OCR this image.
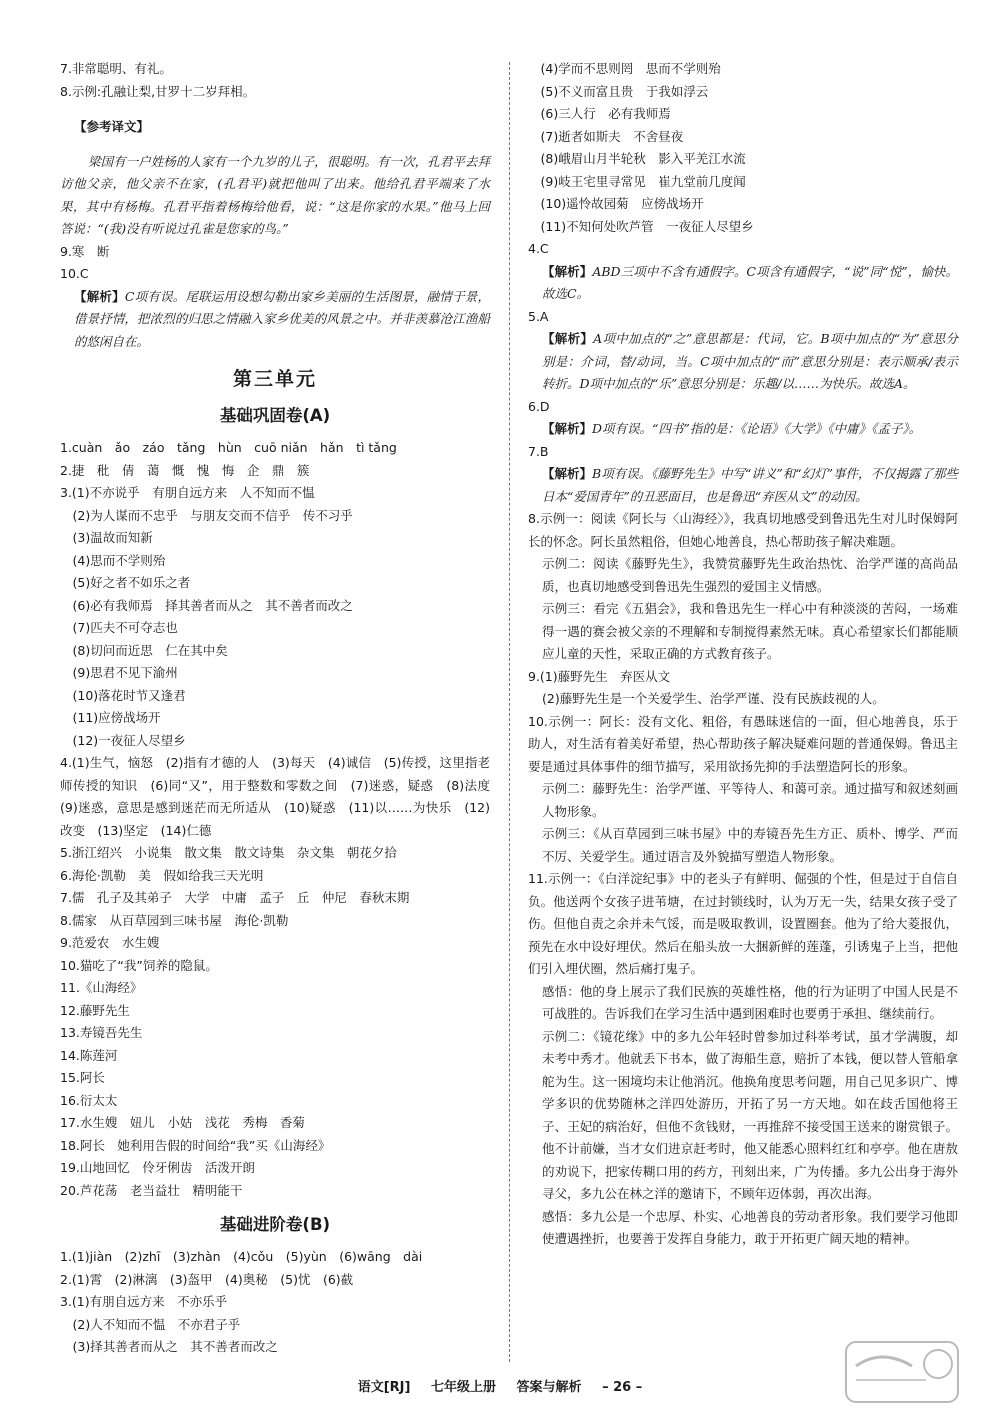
7.非常聪明、有礼。

8.示例:孔融让梨,甘罗十二岁拜相。

【参考译文】

梁国有一户姓杨的人家有一个九岁的儿子，很聪明。有一次，孔君平去拜访他父亲，他父亲不在家，(孔君平)就把他叫了出来。他给孔君平端来了水果，其中有杨梅。孔君平指着杨梅给他看，说：“这是你家的水果。”他马上回答说：“(我)没有听说过孔雀是您家的鸟。”

9.寒　断

10.C

【解析】C项有误。尾联运用设想勾勒出家乡美丽的生活图景，融情于景，借景抒情，把浓烈的归思之情融入家乡优美的风景之中。并非羡慕沧江渔船的悠闲自在。

第三单元
基础巩固卷(A)

1.cuàn　ǎo　záo　tǎng　hùn　cuō niǎn　hǎn　tì tǎng

2.捷　秕　倩　蔼　慨　愧　悔　企　鼎　簇

3.(1)不亦说乎　有朋自远方来　人不知而不愠

　(2)为人谋而不忠乎　与朋友交而不信乎　传不习乎

　(3)温故而知新

　(4)思而不学则殆

　(5)好之者不如乐之者

　(6)必有我师焉　择其善者而从之　其不善者而改之

　(7)匹夫不可夺志也

　(8)切问而近思　仁在其中矣

　(9)思君不见下渝州

　(10)落花时节又逢君

　(11)应傍战场开

　(12)一夜征人尽望乡

4.(1)生气，恼怒　(2)指有才德的人　(3)每天　(4)诚信　(5)传授，这里指老师传授的知识　(6)同“又”，用于整数和零数之间　(7)迷惑，疑惑　(8)法度　(9)迷惑，意思是感到迷茫而无所适从　(10)疑惑　(11)以……为快乐　(12)改变　(13)坚定　(14)仁德

5.浙江绍兴　小说集　散文集　散文诗集　杂文集　朝花夕拾

6.海伦·凯勒　美　假如给我三天光明

7.儒　孔子及其弟子　大学　中庸　孟子　丘　仲尼　春秋末期

8.儒家　从百草园到三味书屋　海伦·凯勒

9.范爱农　水生嫂

10.猫吃了“我”饲养的隐鼠。

11.《山海经》

12.藤野先生

13.寿镜吾先生

14.陈莲河

15.阿长

16.衍太太

17.水生嫂　妞儿　小姑　浅花　秀梅　香菊

18.阿长　她利用告假的时间给“我”买《山海经》

19.山地回忆　伶牙俐齿　活泼开朗

20.芦花荡　老当益壮　精明能干

基础进阶卷(B)

1.(1)jiàn　(2)zhī　(3)zhàn　(4)cǒu　(5)yùn　(6)wāng　dài

2.(1)霄　(2)淋漓　(3)盔甲　(4)奥秘　(5)忧　(6)截

3.(1)有朋自远方来　不亦乐乎

　(2)人不知而不愠　不亦君子乎

　(3)择其善者而从之　其不善者而改之

　(4)学而不思则罔　思而不学则殆

　(5)不义而富且贵　于我如浮云

　(6)三人行　必有我师焉

　(7)逝者如斯夫　不舍昼夜

　(8)峨眉山月半轮秋　影入平羌江水流

　(9)岐王宅里寻常见　崔九堂前几度闻

　(10)遥怜故园菊　应傍战场开

　(11)不知何处吹芦管　一夜征人尽望乡

4.C

【解析】ABD三项中不含有通假字。C项含有通假字，“说”同“悦”，愉快。故选C。

5.A

【解析】A项中加点的“之”意思都是：代词，它。B项中加点的“为”意思分别是：介词，替/动词，当。C项中加点的“而”意思分别是：表示顺承/表示转折。D项中加点的“乐”意思分别是：乐趣/以……为快乐。故选A。

6.D

【解析】D项有误。“四书”指的是：《论语》《大学》《中庸》《孟子》。

7.B

【解析】B项有误。《藤野先生》中写“讲义”和“幻灯”事件，不仅揭露了那些日本“爱国青年”的丑恶面目，也是鲁迅“弃医从文”的动因。

8.示例一：阅读《阿长与〈山海经〉》，我真切地感受到鲁迅先生对儿时保姆阿长的怀念。阿长虽然粗俗，但她心地善良，热心帮助孩子解决难题。

示例二：阅读《藤野先生》，我赞赏藤野先生政治热忱、治学严谨的高尚品质，也真切地感受到鲁迅先生强烈的爱国主义情感。

示例三：看完《五猖会》，我和鲁迅先生一样心中有种淡淡的苦闷，一场难得一遇的赛会被父亲的不理解和专制搅得素然无味。真心希望家长们都能顺应儿童的天性，采取正确的方式教育孩子。

9.(1)藤野先生　弃医从文

(2)藤野先生是一个关爱学生、治学严谨、没有民族歧视的人。

10.示例一：阿长：没有文化、粗俗，有愚昧迷信的一面，但心地善良，乐于助人，对生活有着美好希望，热心帮助孩子解决疑难问题的普通保姆。鲁迅主要是通过具体事件的细节描写，采用欲扬先抑的手法塑造阿长的形象。

示例二：藤野先生：治学严谨、平等待人、和蔼可亲。通过描写和叙述刻画人物形象。

示例三：《从百草园到三味书屋》中的寿镜吾先生方正、质朴、博学、严而不厉、关爱学生。通过语言及外貌描写塑造人物形象。

11.示例一：《白洋淀纪事》中的老头子有鲜明、倔强的个性，但是过于自信自负。他送两个女孩子进苇塘，在过封锁线时，认为万无一失，结果女孩子受了伤。但他自责之余并未气馁，而是吸取教训，设置圈套。他为了给大菱报仇，预先在水中设好埋伏。然后在船头放一大捆新鲜的莲蓬，引诱鬼子上当，把他们引入埋伏圈，然后痛打鬼子。

感悟：他的身上展示了我们民族的英雄性格，他的行为证明了中国人民是不可战胜的。告诉我们在学习生活中遇到困难时也要勇于承担、继续前行。

示例二：《镜花缘》中的多九公年轻时曾参加过科举考试，虽才学满腹，却未考中秀才。他就丢下书本，做了海船生意，赔折了本钱，便以替人管船拿舵为生。这一困境均未让他消沉。他换角度思考问题，用自己见多识广、博学多识的优势随林之洋四处游历，开拓了另一方天地。如在歧舌国他将王子、王妃的病治好，但他不贪钱财，一再推辞不接受国王送来的谢赏银子。他不计前嫌，当才女们进京赶考时，他又能悉心照料红红和亭亭。他在唐敖的劝说下，把家传糊口用的药方，刊刻出来，广为传播。多九公出身于海外寻父，多九公在林之洋的邀请下，不顾年迈体弱，再次出海。

感悟：多九公是一个忠厚、朴实、心地善良的劳动者形象。我们要学习他即使遭遇挫折，也要善于发挥自身能力，敢于开拓更广阔天地的精神。

语文[RJ] 七年级上册 答案与解析 – 26 –
